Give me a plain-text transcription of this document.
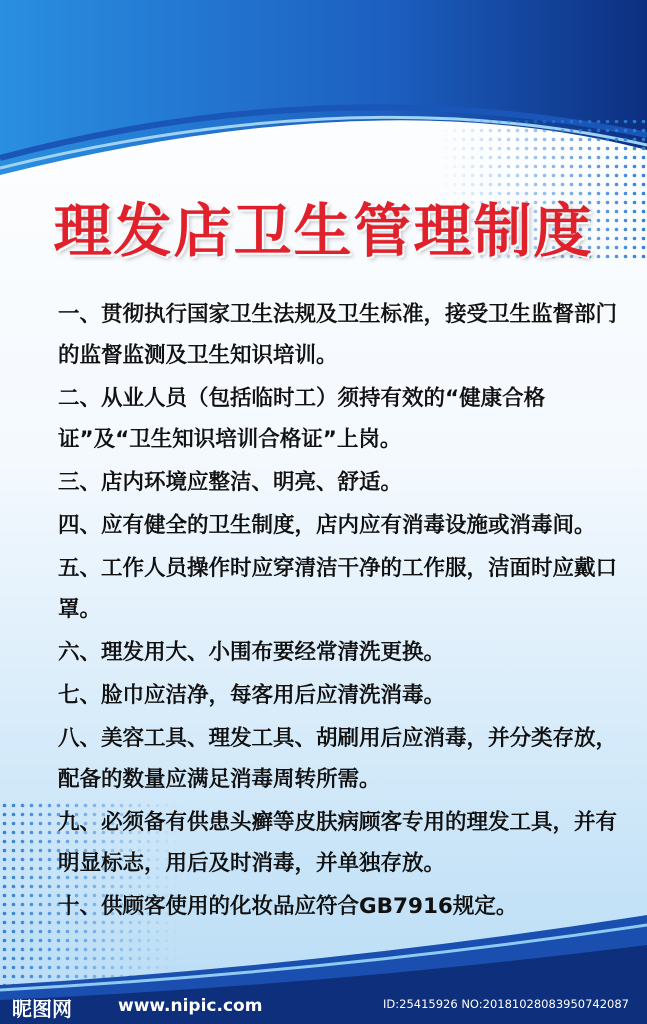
理发店卫生管理制度
一、贯彻执行国家卫生法规及卫生标准，接受卫生监督部门的监督监测及卫生知识培训。
二、从业人员（包括临时工）须持有效的“健康合格证”及“卫生知识培训合格证”上岗。
三、店内环境应整洁、明亮、舒适。
四、应有健全的卫生制度，店内应有消毒设施或消毒间。
五、工作人员操作时应穿清洁干净的工作服，洁面时应戴口罩。
六、理发用大、小围布要经常清洗更换。
七、脸巾应洁净，每客用后应清洗消毒。
八、美容工具、理发工具、胡刷用后应消毒，并分类存放，配备的数量应满足消毒周转所需。
九、必须备有供患头癣等皮肤病顾客专用的理发工具，并有明显标志，用后及时消毒，并单独存放。
十、供顾客使用的化妆品应符合GB7916规定。
昵图网	www.nipic.com	ID:25415926 NO:20181028083950742087
